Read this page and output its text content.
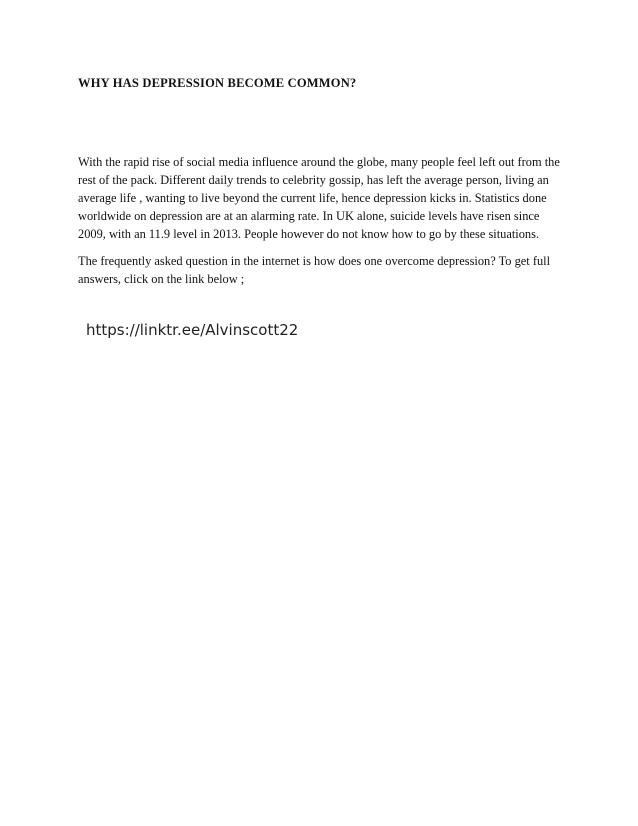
WHY HAS DEPRESSION BECOME COMMON?

With the rapid rise of social media influence around the globe, many people feel left out from the rest of the pack. Different daily trends to celebrity gossip, has left the average person, living an average life , wanting to live beyond the current life, hence depression kicks in. Statistics done worldwide on depression are at an alarming rate. In UK alone, suicide levels have risen since 2009, with an 11.9 level in 2013. People however do not know how to go by these situations.

The frequently asked question in the internet is how does one overcome depression? To get full answers, click on the link below ;

https://linktr.ee/Alvinscott22
